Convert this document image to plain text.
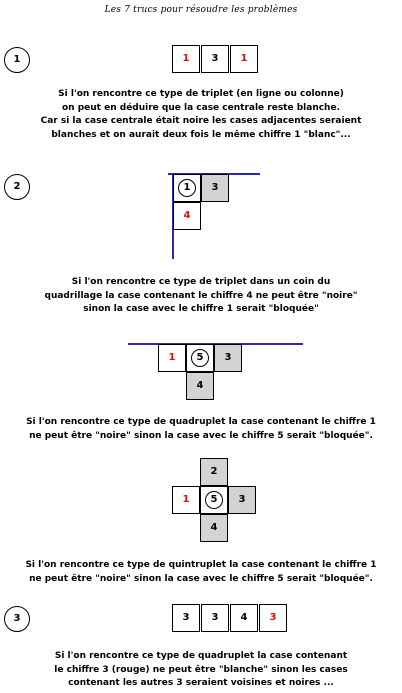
Les 7 trucs pour résoudre les problèmes
1	1	3	1
Si l'on rencontre ce type de triplet (en ligne ou colonne)
on peut en déduire que la case centrale reste blanche.
Car si la case centrale était noire les cases adjacentes seraient
blanches et on aurait deux fois le même chiffre 1 "blanc"...
2	1	3
4
Si l'on rencontre ce type de triplet dans un coin du
quadrillage la case contenant le chiffre 4 ne peut être "noire"
sinon la case avec le chiffre 1 serait "bloquée"
1	5	3
4
Si l'on rencontre ce type de quadruplet la case contenant le chiffre 1
ne peut être "noire" sinon la case avec le chiffre 5 serait "bloquée".
2
1	5	3
4
Si l'on rencontre ce type de quintruplet la case contenant le chiffre 1
ne peut être "noire" sinon la case avec le chiffre 5 serait "bloquée".
3	3	3	4	3
Si l'on rencontre ce type de quadruplet la case contenant
le chiffre 3 (rouge) ne peut être "blanche" sinon les cases
contenant les autres 3 seraient voisines et noires ...
